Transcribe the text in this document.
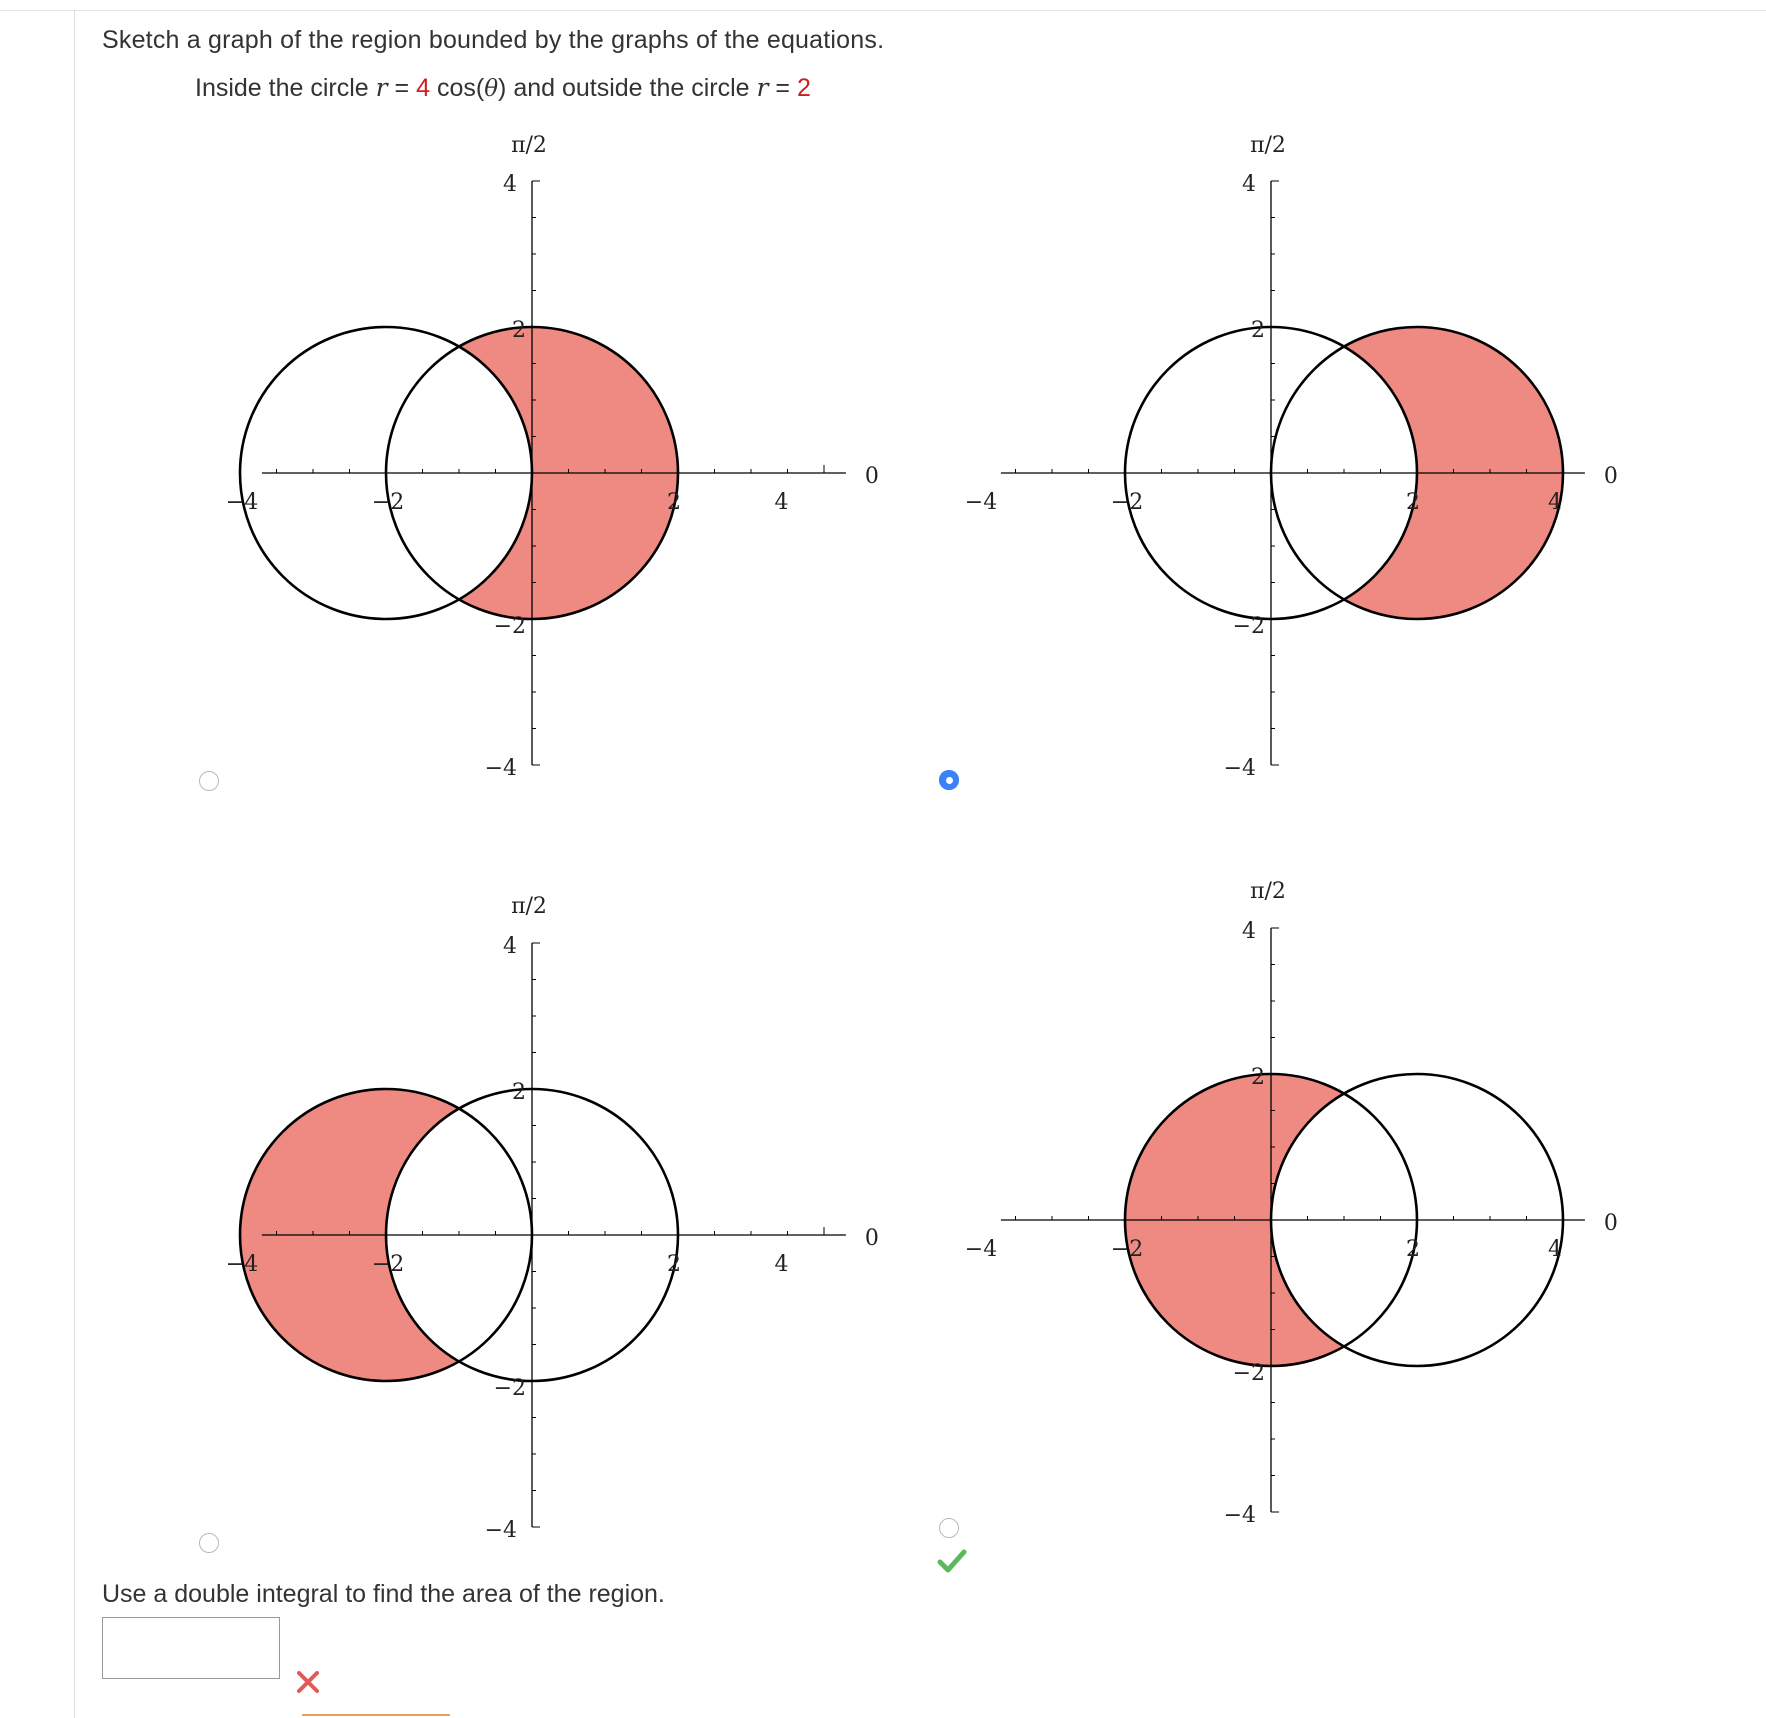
Sketch a graph of the region bounded by the graphs of the equations.
Inside the circle r = 4 cos(θ) and outside the circle r = 2
π/2
4
2
−2
−4
−4	−2	2	4
0
π/2
4
2
−2
−4
−4	−2	2	4
0
π/2
4
2
−2
−4
−4	−2	2	4
0
π/2
4
2
−2
−4
−4	−2	2	4
0
Use a double integral to find the area of the region.
